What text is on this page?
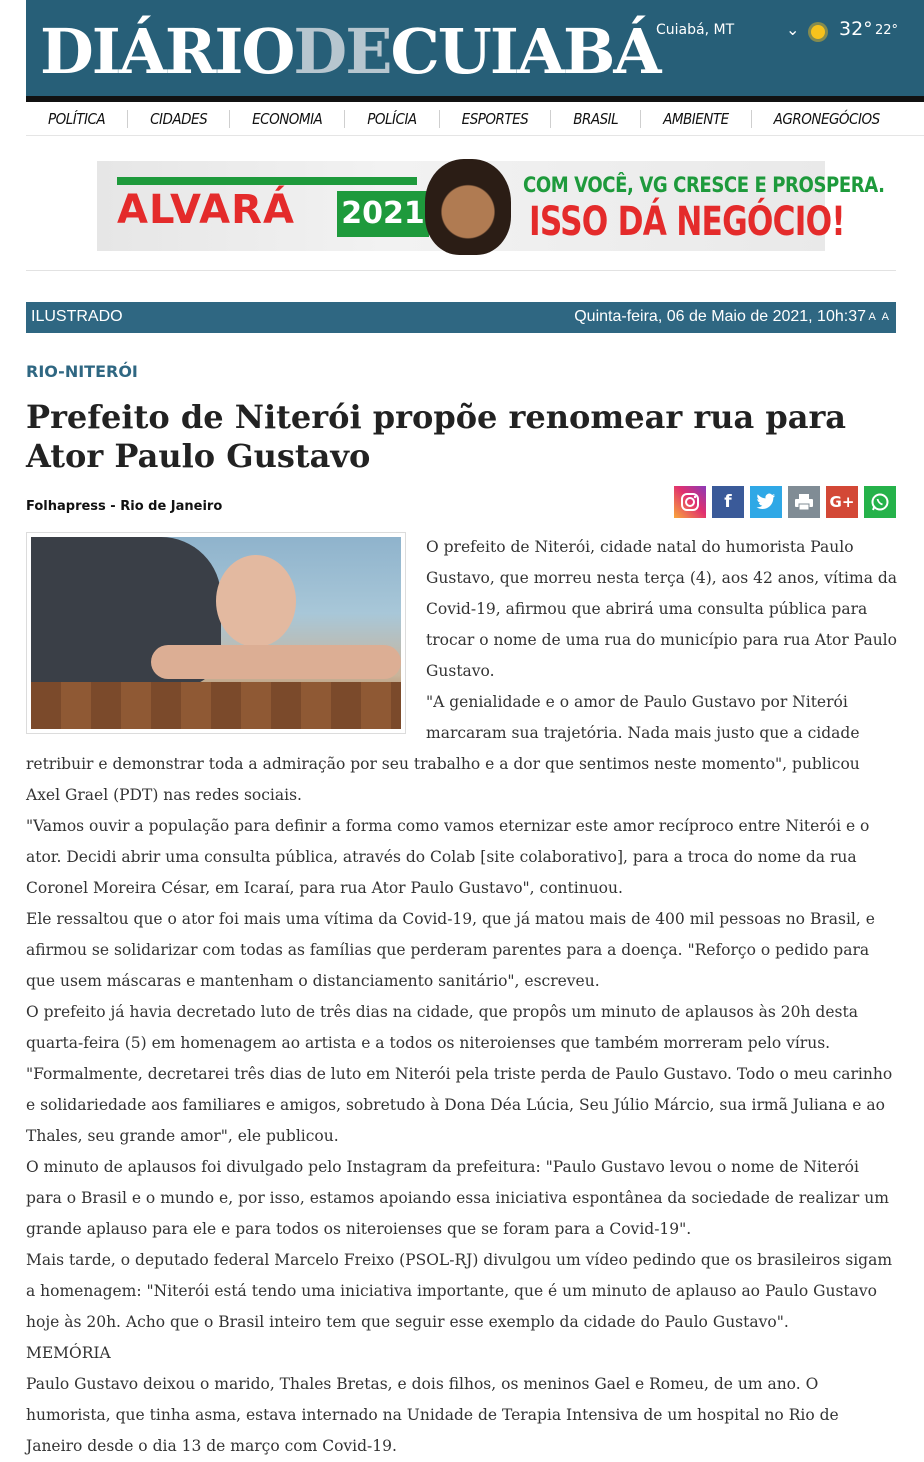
DIÁRIODECUIABÁ
Cuiabá, MT	⌄ 32° 22°
POLÍTICA	CIDADES	ECONOMIA	POLÍCIA	ESPORTES	BRASIL	AMBIENTE	AGRONEGÓCIOS
ALVARÁ 2021
COM VOCÊ, VG CRESCE E PROSPERA.
ISSO DÁ NEGÓCIO!
ILUSTRADO	Quinta-feira, 06 de Maio de 2021, 10h:37 A A
RIO-NITERÓI
Prefeito de Niterói propõe renomear rua para Ator Paulo Gustavo
Folhapress - Rio de Janeiro	f	G+

O prefeito de Niterói, cidade natal do humorista Paulo Gustavo, que morreu nesta terça (4), aos 42 anos, vítima da Covid-19, afirmou que abrirá uma consulta pública para trocar o nome de uma rua do município para rua Ator Paulo Gustavo.

"A genialidade e o amor de Paulo Gustavo por Niterói marcaram sua trajetória. Nada mais justo que a cidade retribuir e demonstrar toda a admiração por seu trabalho e a dor que sentimos neste momento", publicou Axel Grael (PDT) nas redes sociais.

"Vamos ouvir a população para definir a forma como vamos eternizar este amor recíproco entre Niterói e o ator. Decidi abrir uma consulta pública, através do Colab [site colaborativo], para a troca do nome da rua Coronel Moreira César, em Icaraí, para rua Ator Paulo Gustavo", continuou.

Ele ressaltou que o ator foi mais uma vítima da Covid-19, que já matou mais de 400 mil pessoas no Brasil, e afirmou se solidarizar com todas as famílias que perderam parentes para a doença. "Reforço o pedido para que usem máscaras e mantenham o distanciamento sanitário", escreveu.

O prefeito já havia decretado luto de três dias na cidade, que propôs um minuto de aplausos às 20h desta quarta-feira (5) em homenagem ao artista e a todos os niteroienses que também morreram pelo vírus.

"Formalmente, decretarei três dias de luto em Niterói pela triste perda de Paulo Gustavo. Todo o meu carinho e solidariedade aos familiares e amigos, sobretudo à Dona Déa Lúcia, Seu Júlio Márcio, sua irmã Juliana e ao Thales, seu grande amor", ele publicou.

O minuto de aplausos foi divulgado pelo Instagram da prefeitura: "Paulo Gustavo levou o nome de Niterói para o Brasil e o mundo e, por isso, estamos apoiando essa iniciativa espontânea da sociedade de realizar um grande aplauso para ele e para todos os niteroienses que se foram para a Covid-19".

Mais tarde, o deputado federal Marcelo Freixo (PSOL-RJ) divulgou um vídeo pedindo que os brasileiros sigam a homenagem: "Niterói está tendo uma iniciativa importante, que é um minuto de aplauso ao Paulo Gustavo hoje às 20h. Acho que o Brasil inteiro tem que seguir esse exemplo da cidade do Paulo Gustavo".

MEMÓRIA

Paulo Gustavo deixou o marido, Thales Bretas, e dois filhos, os meninos Gael e Romeu, de um ano. O humorista, que tinha asma, estava internado na Unidade de Terapia Intensiva de um hospital no Rio de Janeiro desde o dia 13 de março com Covid-19.
